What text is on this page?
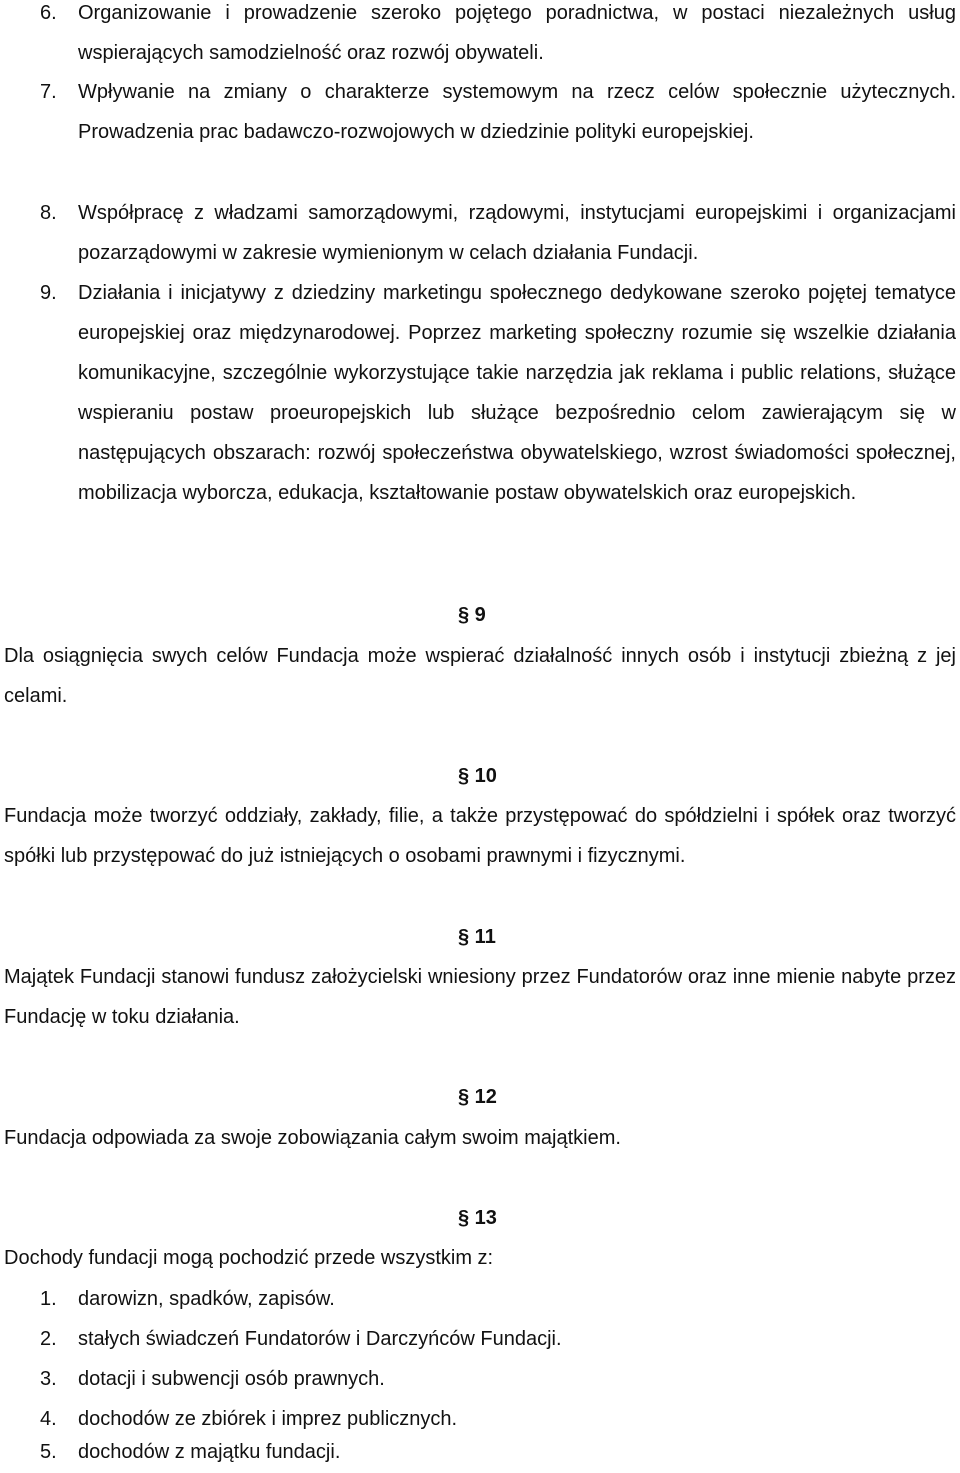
6. Organizowanie i prowadzenie szeroko pojętego poradnictwa, w postaci niezależnych usług wspierających samodzielność oraz rozwój obywateli.
7. Wpływanie na zmiany o charakterze systemowym na rzecz celów społecznie użytecznych. Prowadzenia prac badawczo-rozwojowych w dziedzinie polityki europejskiej.
8. Współpracę z władzami samorządowymi, rządowymi, instytucjami europejskimi i organizacjami pozarządowymi w zakresie wymienionym w celach działania Fundacji.
9. Działania i inicjatywy z dziedziny marketingu społecznego dedykowane szeroko pojętej tematyce europejskiej oraz międzynarodowej. Poprzez marketing społeczny rozumie się wszelkie działania komunikacyjne, szczególnie wykorzystujące takie narzędzia jak reklama i public relations, służące wspieraniu postaw proeuropejskich lub służące bezpośrednio celom zawierającym się w następujących obszarach: rozwój społeczeństwa obywatelskiego, wzrost świadomości społecznej, mobilizacja wyborcza, edukacja, kształtowanie postaw obywatelskich oraz europejskich.
§ 9

Dla osiągnięcia swych celów Fundacja może wspierać działalność innych osób i instytucji zbieżną z jej celami.

§ 10

Fundacja może tworzyć oddziały, zakłady, filie, a także przystępować do spółdzielni i spółek oraz tworzyć spółki lub przystępować do już istniejących o osobami prawnymi i fizycznymi.

§ 11

Majątek Fundacji stanowi fundusz założycielski wniesiony przez Fundatorów oraz inne mienie nabyte przez Fundację w toku działania.

§ 12

Fundacja odpowiada za swoje zobowiązania całym swoim majątkiem.

§ 13

Dochody fundacji mogą pochodzić przede wszystkim z:

1. darowizn, spadków, zapisów.
2. stałych świadczeń Fundatorów i Darczyńców Fundacji.
3. dotacji i subwencji osób prawnych.
4. dochodów ze zbiórek i imprez publicznych.
5. dochodów z majątku fundacji.
